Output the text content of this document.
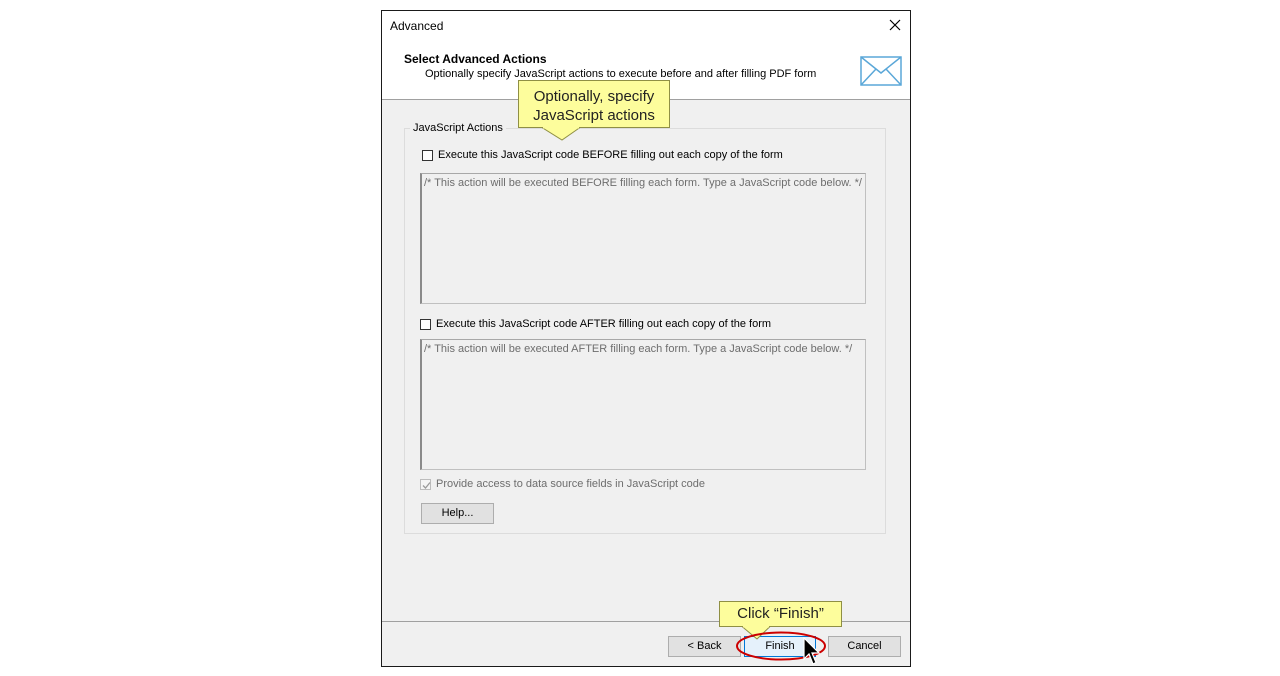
Advanced
Select Advanced Actions
Optionally specify JavaScript actions to execute before and after filling PDF form
JavaScript Actions
Execute this JavaScript code BEFORE filling out each copy of the form
/* This action will be executed BEFORE filling each form. Type a JavaScript code below. */
Execute this JavaScript code AFTER filling out each copy of the form
/* This action will be executed AFTER filling each form. Type a JavaScript code below. */
Provide access to data source fields in JavaScript code
Help...
< Back	Finish	Cancel
Optionally, specify
JavaScript actions
Click “Finish”
